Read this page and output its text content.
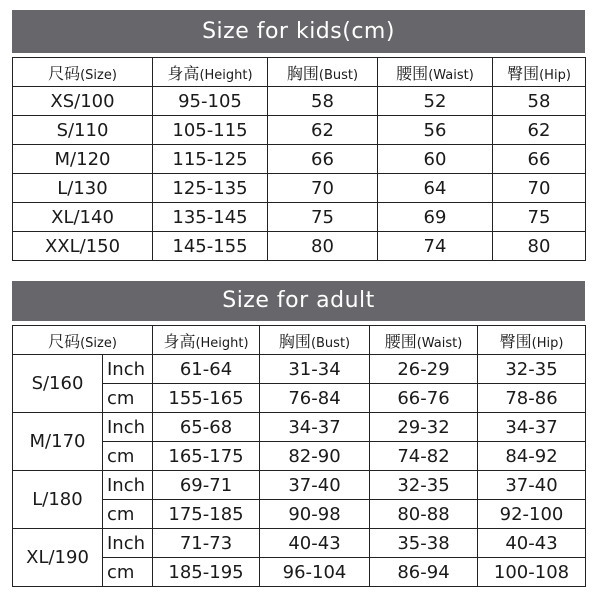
Size for kids(cm)
尺码(Size)	身高(Height)	胸围(Bust)	腰围(Waist)	臀围(Hip)
XS/100	95-105	58	52	58
S/110	105-115	62	56	62
M/120	115-125	66	60	66
L/130	125-135	70	64	70
XL/140	135-145	75	69	75
XXL/150	145-155	80	74	80
Size for adult
尺码(Size)		身高(Height)	胸围(Bust)	腰围(Waist)	臀围(Hip)
S/160	Inch	61-64	31-34	26-29	32-35
	cm	155-165	76-84	66-76	78-86
M/170	Inch	65-68	34-37	29-32	34-37
	cm	165-175	82-90	74-82	84-92
L/180	Inch	69-71	37-40	32-35	37-40
	cm	175-185	90-98	80-88	92-100
XL/190	Inch	71-73	40-43	35-38	40-43
	cm	185-195	96-104	86-94	100-108
